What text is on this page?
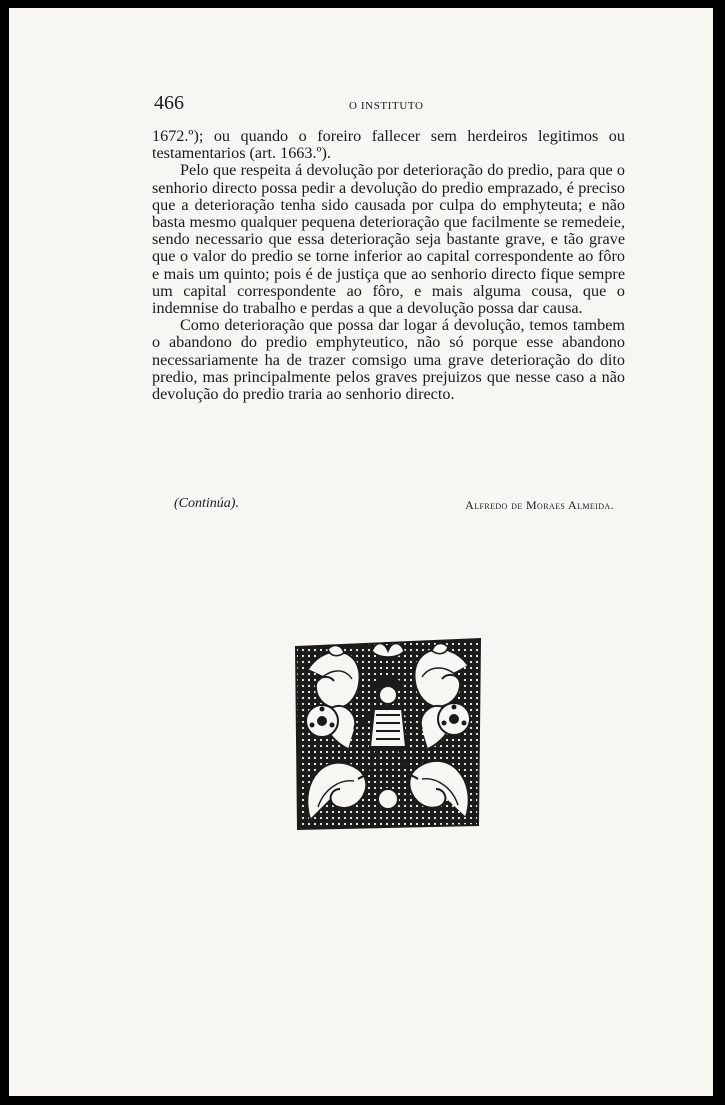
466	O INSTITUTO

1672.º); ou quando o foreiro fallecer sem herdeiros legitimos ou testamentarios (art. 1663.º).

Pelo que respeita á devolução por deterioração do predio, para que o senhorio directo possa pedir a devolução do predio emprazado, é preciso que a deterioração tenha sido causada por culpa do emphyteuta; e não basta mesmo qualquer pequena deterioração que facilmente se remedeie, sendo necessario que essa deterioração seja bastante grave, e tão grave que o valor do predio se torne inferior ao capital correspondente ao fôro e mais um quinto; pois é de justiça que ao senhorio directo fique sempre um capital correspondente ao fôro, e mais alguma cousa, que o indemnise do trabalho e perdas a que a devolução possa dar causa.

Como deterioração que possa dar logar á devolução, temos tambem o abandono do predio emphyteutico, não só porque esse abandono necessariamente ha de trazer comsigo uma grave deterioração do dito predio, mas principalmente pelos graves prejuizos que nesse caso a não devolução do predio traria ao senhorio directo.

(Continúa).	Alfredo de Moraes Almeida.
